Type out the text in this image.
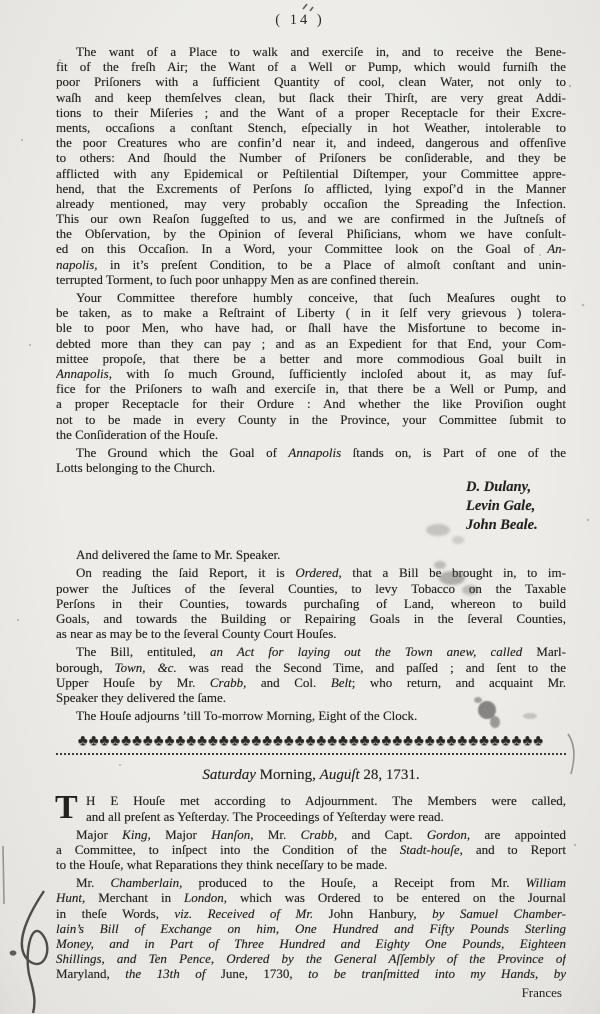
( 14 )
The want of a Place to walk and exerciſe in, and to receive the Bene-
fit of the freſh Air; the Want of a Well or Pump, which would furniſh the
poor Priſoners with a ſufficient Quantity of cool, clean Water, not only to
waſh and keep themſelves clean, but ſlack their Thirſt, are very great Addi-
tions to their Miſeries ; and the Want of a proper Receptacle for their Excre-
ments, occaſions a conſtant Stench, eſpecially in hot Weather, intolerable to
the poor Creatures who are confin’d near it, and indeed, dangerous and offenſive
to others: And ſhould the Number of Priſoners be conſiderable, and they be
afflicted with any Epidemical or Peſtilential Diſtemper, your Committee appre-
hend, that the Excrements of Perſons ſo afflicted, lying expoſ’d in the Manner
already mentioned, may very probably occaſion the Spreading the Infection.
This our own Reaſon ſuggeſted to us, and we are confirmed in the Juſtneſs of
the Obſervation, by the Opinion of ſeveral Phiſicians, whom we have conſult-
ed on this Occaſion. In a Word, your Committee look on the Goal of An-
napolis, in it’s preſent Condition, to be a Place of almoſt conſtant and unin-
terrupted Torment, to ſuch poor unhappy Men as are confined therein.
Your Committee therefore humbly conceive, that ſuch Meaſures ought to
be taken, as to make a Reſtraint of Liberty ( in it ſelf very grievous ) tolera-
ble to poor Men, who have had, or ſhall have the Misfortune to become in-
debted more than they can pay ; and as an Expedient for that End, your Com-
mittee propoſe, that there be a better and more commodious Goal built in
Annapolis, with ſo much Ground, ſufficiently incloſed about it, as may ſuf-
fice for the Priſoners to waſh and exerciſe in, that there be a Well or Pump, and
a proper Receptacle for their Ordure : And whether the like Proviſion ought
not to be made in every County in the Province, your Committee ſubmit to
the Conſideration of the Houſe.
The Ground which the Goal of Annapolis ſtands on, is Part of one of the
Lotts belonging to the Church.
D. Dulany,
Levin Gale,
John Beale.
And delivered the ſame to Mr. Speaker.
On reading the ſaid Report, it is Ordered, that a Bill be brought in, to im-
power the Juſtices of the ſeveral Counties, to levy Tobacco on the Taxable
Perſons in their Counties, towards purchaſing of Land, whereon to build
Goals, and towards the Building or Repairing Goals in the ſeveral Counties,
as near as may be to the ſeveral County Court Houſes.
The Bill, entituled, an Act for laying out the Town anew, called Marl-
borough, Town, &c. was read the Second Time, and paſſed ; and ſent to the
Upper Houſe by Mr. Crabb, and Col. Belt; who return, and acquaint Mr.
Speaker they delivered the ſame.
The Houſe adjourns ’till To-morrow Morning, Eight of the Clock.
♣♣♣♣♣♣♣♣♣♣♣♣♣♣♣♣♣♣♣♣♣♣♣♣♣♣♣♣♣♣♣♣♣♣♣♣♣♣♣♣♣♣♣
Saturday Morning, Auguſt 28, 1731.
T H E Houſe met according to Adjournment. The Members were called,
and all preſent as Yeſterday. The Proceedings of Yeſterday were read.
Major King, Major Hanſon, Mr. Crabb, and Capt. Gordon, are appointed
a Committee, to inſpect into the Condition of the Stadt-houſe, and to Report
to the Houſe, what Reparations they think neceſſary to be made.
Mr. Chamberlain, produced to the Houſe, a Receipt from Mr. William
Hunt, Merchant in London, which was Ordered to be entered on the Journal
in theſe Words, viz. Received of Mr. John Hanbury, by Samuel Chamber-
lain’s Bill of Exchange on him, One Hundred and Fifty Pounds Sterling
Money, and in Part of Three Hundred and Eighty One Pounds, Eighteen
Shillings, and Ten Pence, Ordered by the General Aſſembly of the Province of
Maryland, the 13th of June, 1730, to be tranſmitted into my Hands, by
Frances
